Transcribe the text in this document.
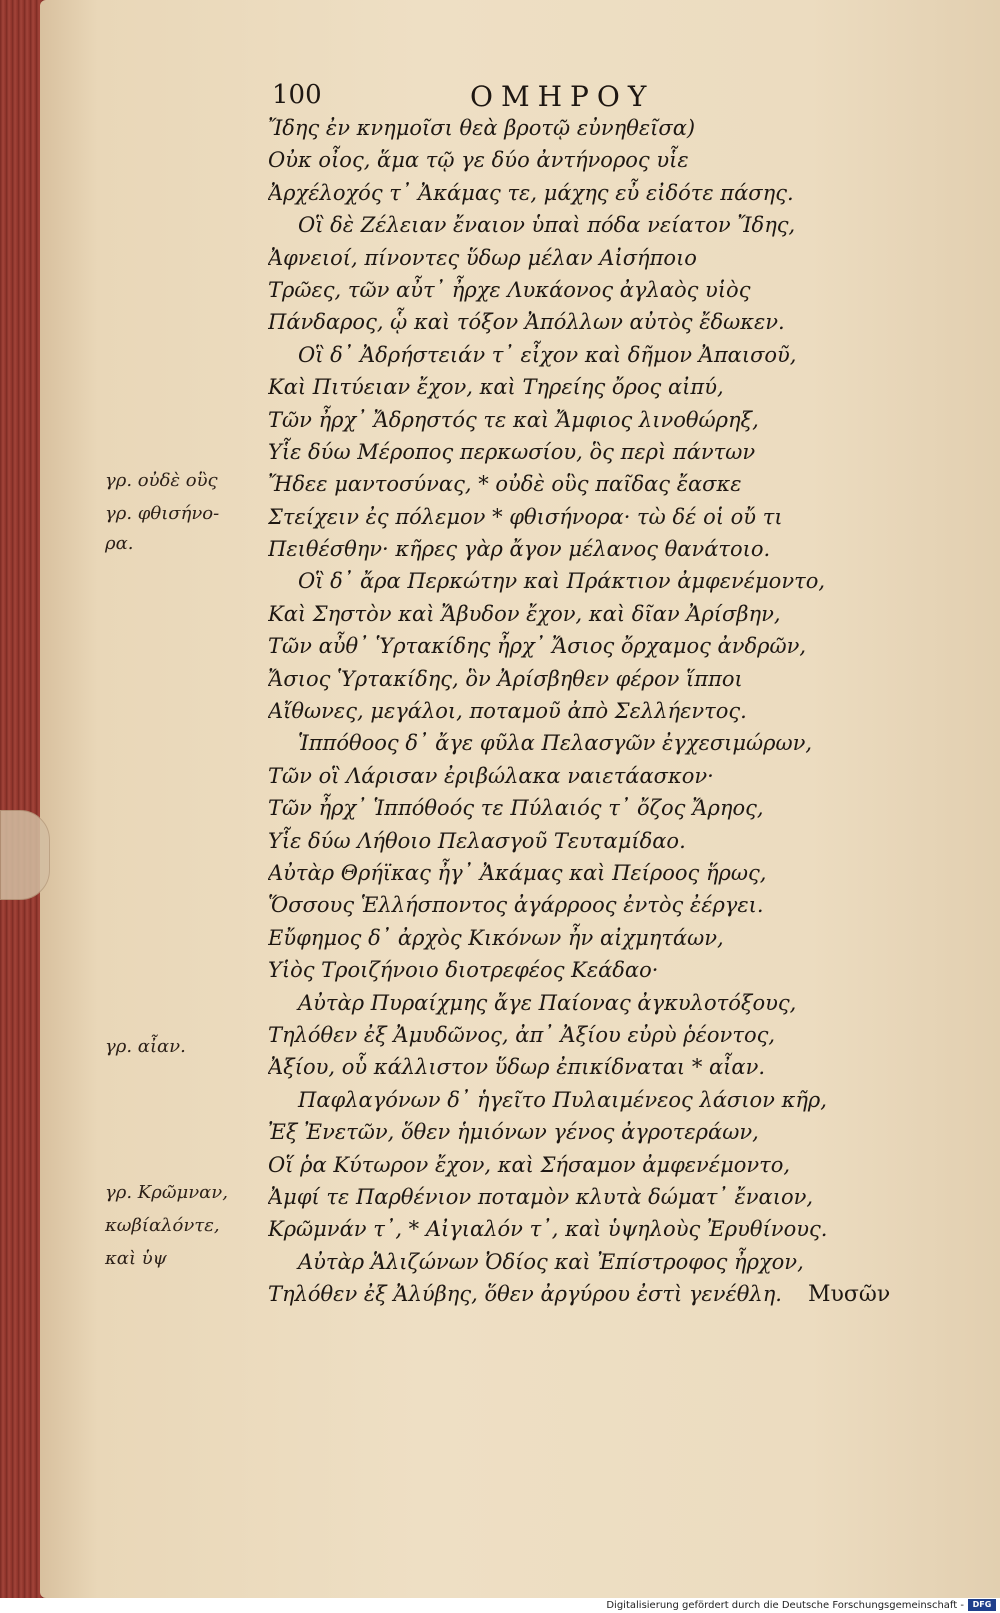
100	ΟΜΗΡΟΥ
Ἴδης ἐν κνημοῖσι θεὰ βροτῷ εὐνηθεῖσα)
Οὐκ οἶος, ἅμα τῷ γε δύο ἀντήνορος υἷε
Ἀρχέλοχός τ᾽ Ἀκάμας τε, μάχης εὖ εἰδότε πάσης.
Οἳ δὲ Ζέλειαν ἔναιον ὑπαὶ πόδα νείατον Ἴδης,
Ἀφνειοί, πίνοντες ὕδωρ μέλαν Αἰσήποιο
Τρῶες, τῶν αὖτ᾽ ἦρχε Λυκάονος ἀγλαὸς υἱὸς
Πάνδαρος, ᾧ καὶ τόξον Ἀπόλλων αὐτὸς ἔδωκεν.
Οἳ δ᾽ Ἀδρήστειάν τ᾽ εἶχον καὶ δῆμον Ἀπαισοῦ,
Καὶ Πιτύειαν ἔχον, καὶ Τηρείης ὄρος αἰπύ,
Τῶν ἦρχ᾽ Ἄδρηστός τε καὶ Ἄμφιος λινοθώρηξ,
Υἷε δύω Μέροπος περκωσίου, ὃς περὶ πάντων
Ἤδεε μαντοσύνας, * οὐδὲ οὓς παῖδας ἔασκε
Στείχειν ἐς πόλεμον * φθισήνορα· τὼ δέ οἱ οὔ τι
Πειθέσθην· κῆρες γὰρ ἄγον μέλανος θανάτοιο.
Οἳ δ᾽ ἄρα Περκώτην καὶ Πράκτιον ἀμφενέμοντο,
Καὶ Σηστὸν καὶ Ἄβυδον ἔχον, καὶ δῖαν Ἀρίσβην,
Τῶν αὖθ᾽ Ὑρτακίδης ἦρχ᾽ Ἄσιος ὄρχαμος ἀνδρῶν,
Ἄσιος Ὑρτακίδης, ὃν Ἀρίσβηθεν φέρον ἵπποι
Αἴθωνες, μεγάλοι, ποταμοῦ ἀπὸ Σελλήεντος.
Ἱππόθοος δ᾽ ἄγε φῦλα Πελασγῶν ἐγχεσιμώρων,
Τῶν οἳ Λάρισαν ἐριβώλακα ναιετάασκον·
Τῶν ἦρχ᾽ Ἱππόθοός τε Πύλαιός τ᾽ ὄζος Ἄρηος,
Υἷε δύω Λήθοιο Πελασγοῦ Τευταμίδαο.
Αὐτὰρ Θρήϊκας ἦγ᾽ Ἀκάμας καὶ Πείροος ἥρως,
Ὅσσους Ἑλλήσποντος ἀγάρροος ἐντὸς ἐέργει.
Εὔφημος δ᾽ ἀρχὸς Κικόνων ἦν αἰχμητάων,
Υἱὸς Τροιζήνοιο διοτρεφέος Κεάδαο·
Αὐτὰρ Πυραίχμης ἄγε Παίονας ἀγκυλοτόξους,
Τηλόθεν ἐξ Ἀμυδῶνος, ἀπ᾽ Ἀξίου εὐρὺ ῥέοντος,
Ἀξίου, οὗ κάλλιστον ὕδωρ ἐπικίδναται * αἶαν.
Παφλαγόνων δ᾽ ἡγεῖτο Πυλαιμένεος λάσιον κῆρ,
Ἐξ Ἐνετῶν, ὅθεν ἡμιόνων γένος ἀγροτεράων,
Οἵ ῥα Κύτωρον ἔχον, καὶ Σήσαμον ἀμφενέμοντο,
Ἀμφί τε Παρθένιον ποταμὸν κλυτὰ δώματ᾽ ἔναιον,
Κρῶμνάν τ᾽, * Αἰγιαλόν τ᾽, καὶ ὑψηλοὺς Ἐρυθίνους.
Αὐτὰρ Ἁλιζώνων Ὀδίος καὶ Ἐπίστροφος ἦρχον,
Τηλόθεν ἐξ Ἀλύβης, ὅθεν ἀργύρου ἐστὶ γενέθλη.
γρ. οὐδὲ οὓς
γρ. φθισήνο-
ρα.
γρ. αἶαν.
γρ. Κρῶμναν,
κωβίαλόντε,
καὶ ὑψ
Μυσῶν
Digitalisierung gefördert durch die Deutsche Forschungsgemeinschaft -	DFG
